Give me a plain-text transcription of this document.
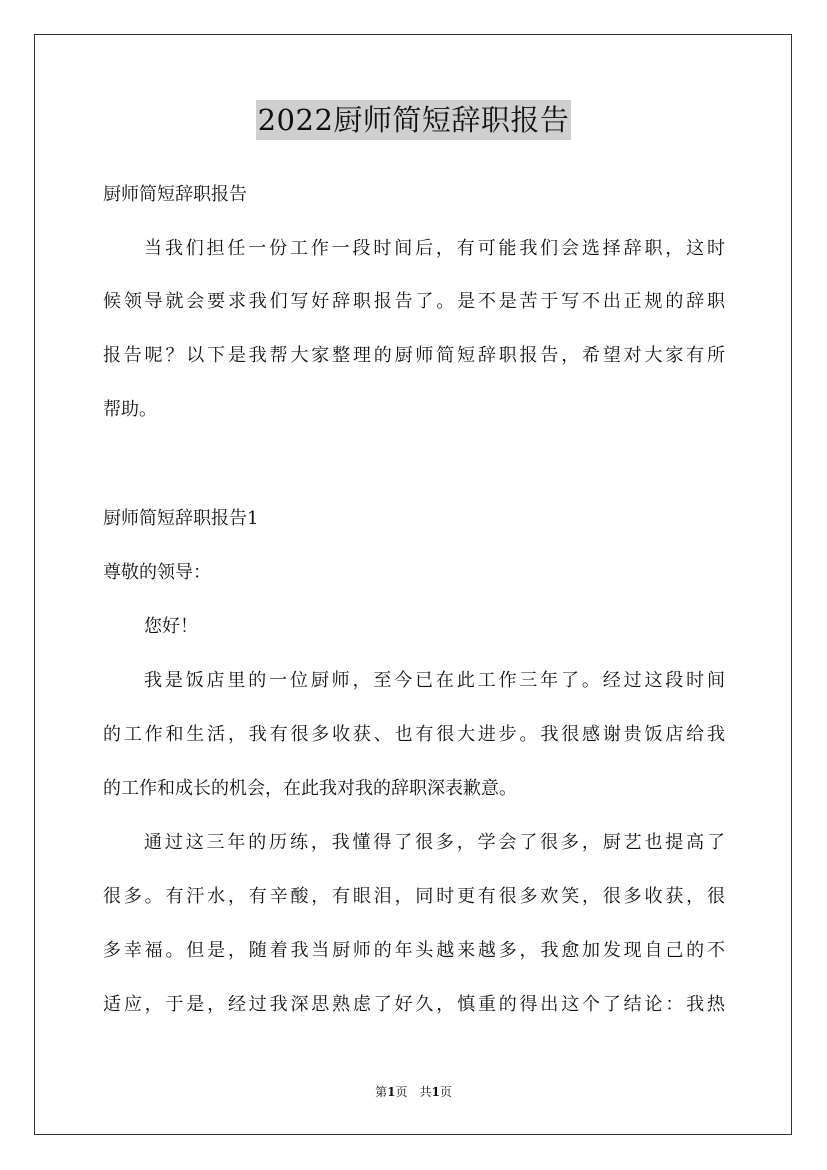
2022厨师简短辞职报告
厨师简短辞职报告
当我们担任一份工作一段时间后，有可能我们会选择辞职，这时
候领导就会要求我们写好辞职报告了。是不是苦于写不出正规的辞职
报告呢？以下是我帮大家整理的厨师简短辞职报告，希望对大家有所
帮助。
厨师简短辞职报告1
尊敬的领导：
您好！
我是饭店里的一位厨师，至今已在此工作三年了。经过这段时间
的工作和生活，我有很多收获、也有很大进步。我很感谢贵饭店给我
的工作和成长的机会，在此我对我的辞职深表歉意。
通过这三年的历练，我懂得了很多，学会了很多，厨艺也提高了
很多。有汗水，有辛酸，有眼泪，同时更有很多欢笑，很多收获，很
多幸福。但是，随着我当厨师的年头越来越多，我愈加发现自己的不
适应，于是，经过我深思熟虑了好久，慎重的得出这个了结论：我热
第1页　共1页
